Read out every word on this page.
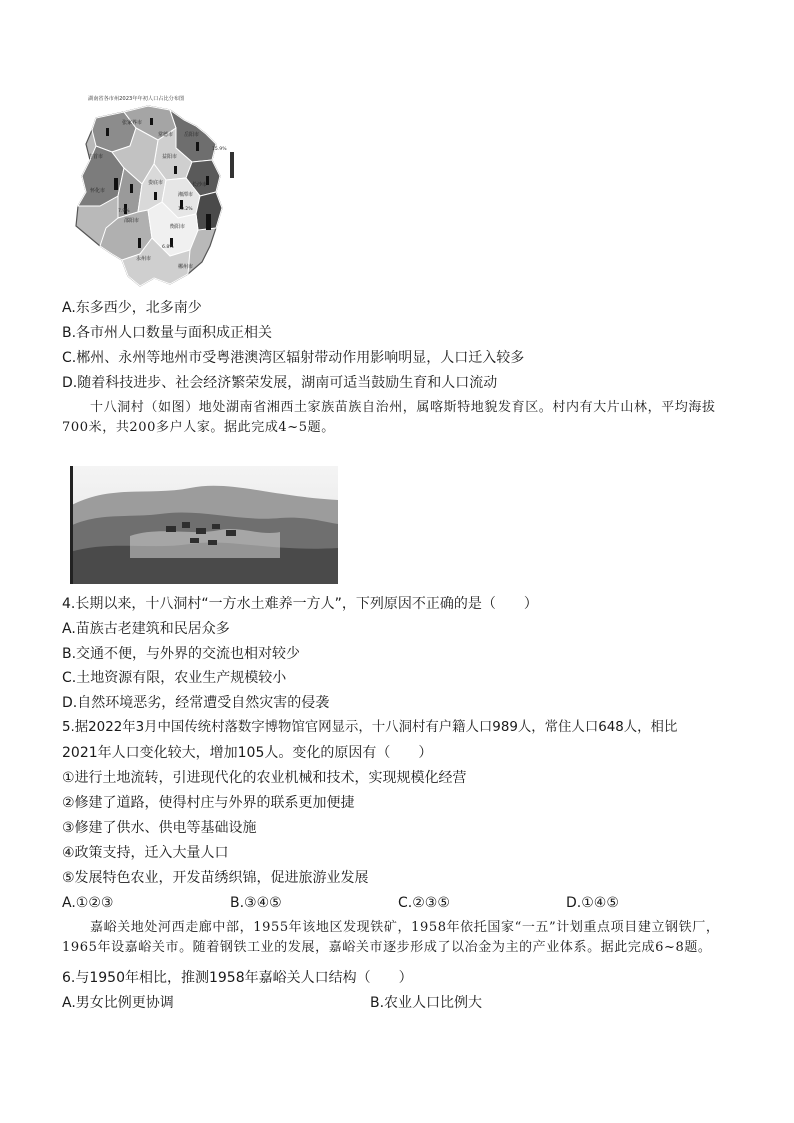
湖南省各市州2023年年初人口占比分布图
吉首市
张家界市
常德市 岳阳市
长沙市
益阳市
怀化市
邵阳市
娄底市
湘潭市
衡阳市
永州市
郴州市
15.9%
10.2%
7.9%
6.8%
A.东多西少，北多南少
B.各市州人口数量与面积成正相关
C.郴州、永州等地州市受粤港澳湾区辐射带动作用影响明显，人口迁入较多
D.随着科技进步、社会经济繁荣发展，湖南可适当鼓励生育和人口流动
十八洞村（如图）地处湖南省湘西土家族苗族自治州，属喀斯特地貌发育区。村内有大片山林，平均海拔700米，共200多户人家。据此完成4~5题。
4.长期以来，十八洞村“一方水土难养一方人”，下列原因不正确的是（　　）
A.苗族古老建筑和民居众多
B.交通不便，与外界的交流也相对较少
C.土地资源有限，农业生产规模较小
D.自然环境恶劣，经常遭受自然灾害的侵袭
5.据2022年3月中国传统村落数字博物馆官网显示，十八洞村有户籍人口989人，常住人口648人，相比
2021年人口变化较大，增加105人。变化的原因有（　　）
①进行土地流转，引进现代化的农业机械和技术，实现规模化经营
②修建了道路，使得村庄与外界的联系更加便捷
③修建了供水、供电等基础设施
④政策支持，迁入大量人口
⑤发展特色农业，开发苗绣织锦，促进旅游业发展
A.①②③	B.③④⑤	C.②③⑤	D.①④⑤
嘉峪关地处河西走廊中部，1955年该地区发现铁矿，1958年依托国家“一五”计划重点项目建立钢铁厂，1965年设嘉峪关市。随着钢铁工业的发展，嘉峪关市逐步形成了以冶金为主的产业体系。据此完成6~8题。
6.与1950年相比，推测1958年嘉峪关人口结构（　　）
A.男女比例更协调	B.农业人口比例大
